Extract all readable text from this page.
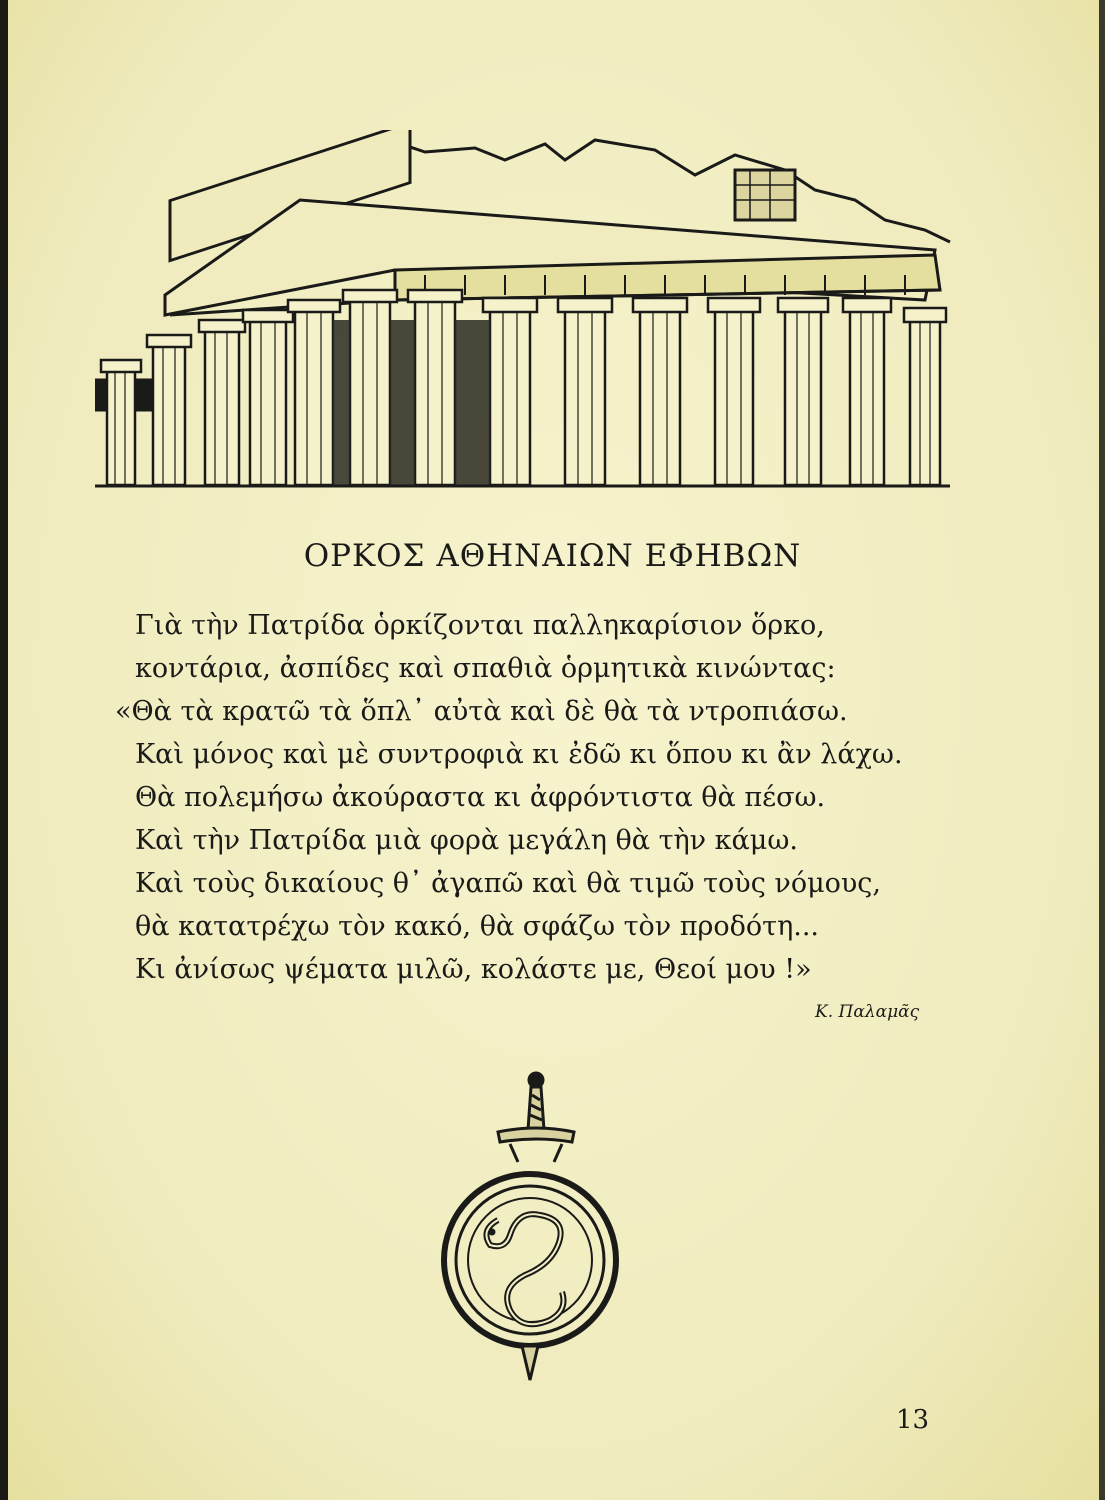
ΟΡΚΟΣ ΑΘΗΝΑΙΩΝ ΕΦΗΒΩΝ
Γιὰ τὴν Πατρίδα ὁρκίζονται παλληκαρίσιον ὅρκο,
κοντάρια, ἀσπίδες καὶ σπαθιὰ ὁρμητικὰ κινώντας:
«Θὰ τὰ κρατῶ τὰ ὅπλ᾿ αὐτὰ καὶ δὲ θὰ τὰ ντροπιάσω.
Καὶ μόνος καὶ μὲ συντροφιὰ κι ἐδῶ κι ὅπου κι ἂν λάχω.
Θὰ πολεμήσω ἀκούραστα κι ἀφρόντιστα θὰ πέσω.
Καὶ τὴν Πατρίδα μιὰ φορὰ μεγάλη θὰ τὴν κάμω.
Καὶ τοὺς δικαίους θ᾿ ἀγαπῶ καὶ θὰ τιμῶ τοὺς νόμους,
θὰ κατατρέχω τὸν κακό, θὰ σφάζω τὸν προδότη...
Κι ἀνίσως ψέματα μιλῶ, κολάστε με, Θεοί μου !»
Κ. Παλαμᾶς
13
